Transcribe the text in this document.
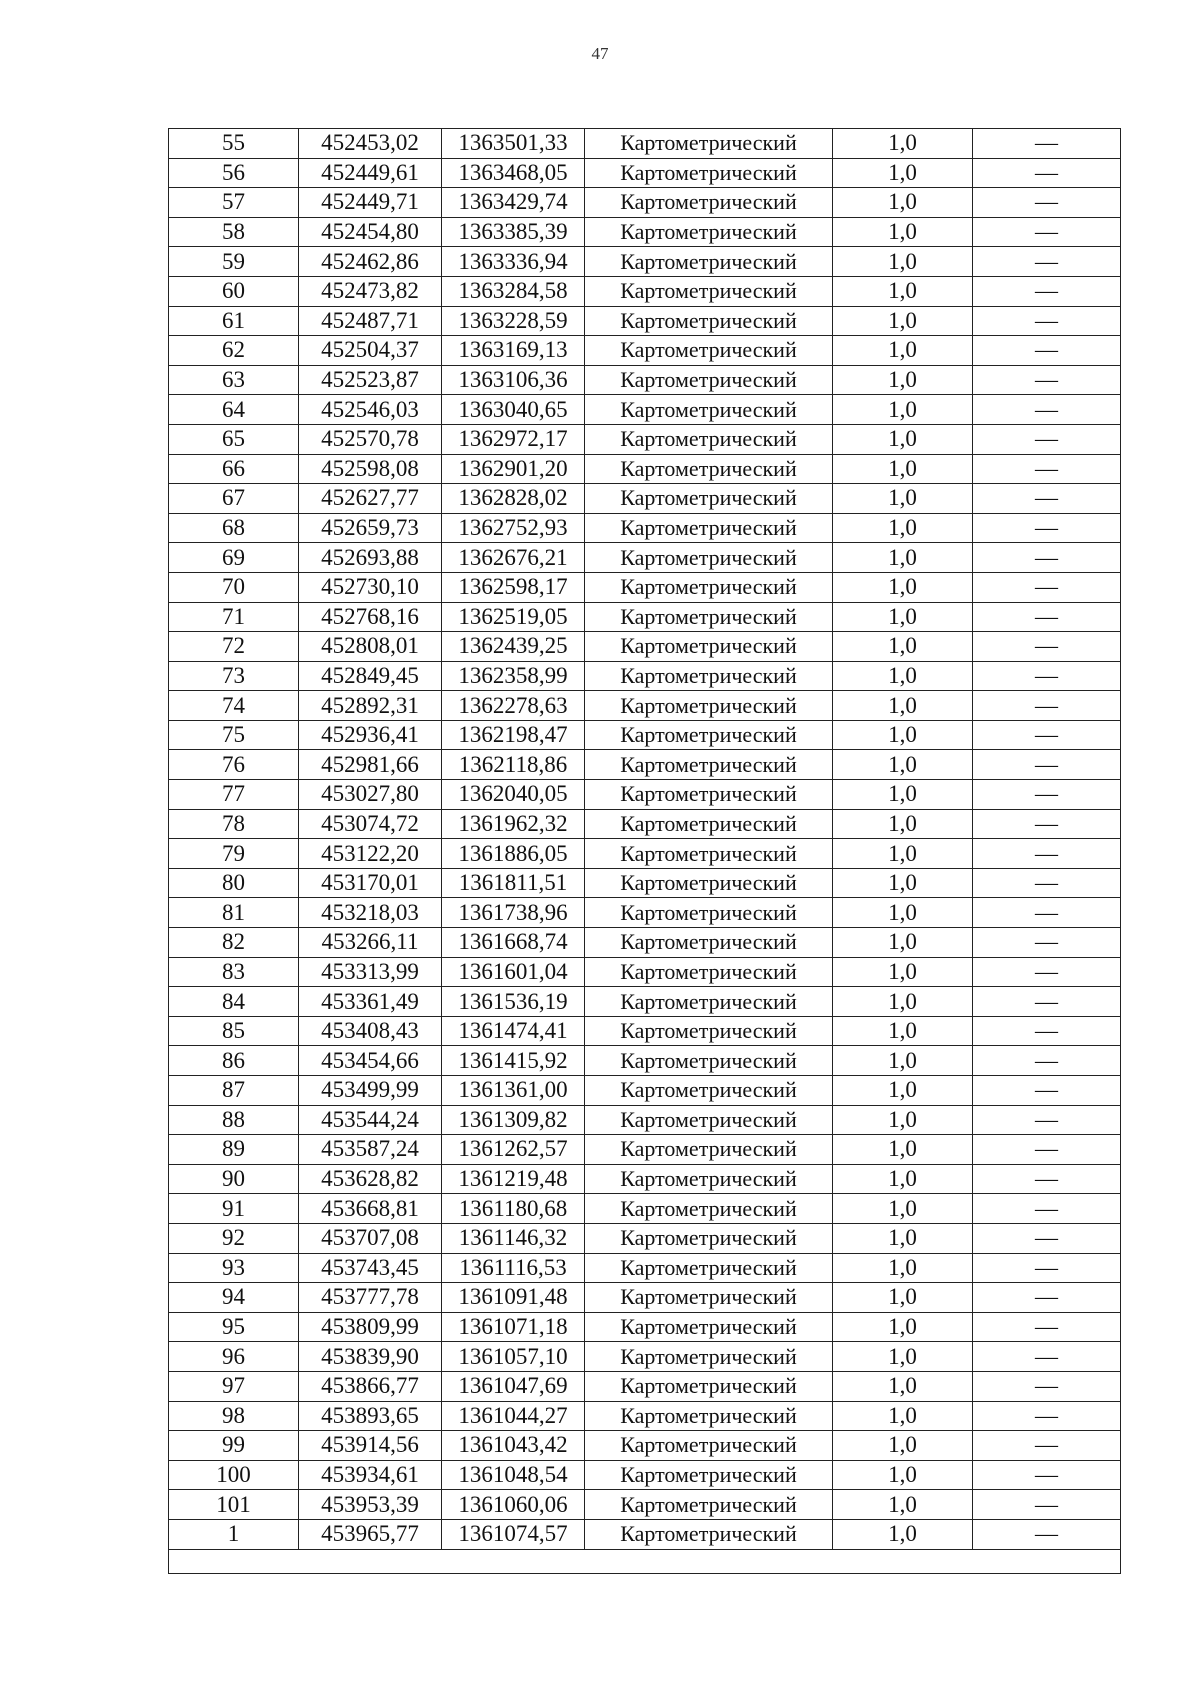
47

55	452453,02	1363501,33	Картометрический	1,0	—
56	452449,61	1363468,05	Картометрический	1,0	—
57	452449,71	1363429,74	Картометрический	1,0	—
58	452454,80	1363385,39	Картометрический	1,0	—
59	452462,86	1363336,94	Картометрический	1,0	—
60	452473,82	1363284,58	Картометрический	1,0	—
61	452487,71	1363228,59	Картометрический	1,0	—
62	452504,37	1363169,13	Картометрический	1,0	—
63	452523,87	1363106,36	Картометрический	1,0	—
64	452546,03	1363040,65	Картометрический	1,0	—
65	452570,78	1362972,17	Картометрический	1,0	—
66	452598,08	1362901,20	Картометрический	1,0	—
67	452627,77	1362828,02	Картометрический	1,0	—
68	452659,73	1362752,93	Картометрический	1,0	—
69	452693,88	1362676,21	Картометрический	1,0	—
70	452730,10	1362598,17	Картометрический	1,0	—
71	452768,16	1362519,05	Картометрический	1,0	—
72	452808,01	1362439,25	Картометрический	1,0	—
73	452849,45	1362358,99	Картометрический	1,0	—
74	452892,31	1362278,63	Картометрический	1,0	—
75	452936,41	1362198,47	Картометрический	1,0	—
76	452981,66	1362118,86	Картометрический	1,0	—
77	453027,80	1362040,05	Картометрический	1,0	—
78	453074,72	1361962,32	Картометрический	1,0	—
79	453122,20	1361886,05	Картометрический	1,0	—
80	453170,01	1361811,51	Картометрический	1,0	—
81	453218,03	1361738,96	Картометрический	1,0	—
82	453266,11	1361668,74	Картометрический	1,0	—
83	453313,99	1361601,04	Картометрический	1,0	—
84	453361,49	1361536,19	Картометрический	1,0	—
85	453408,43	1361474,41	Картометрический	1,0	—
86	453454,66	1361415,92	Картометрический	1,0	—
87	453499,99	1361361,00	Картометрический	1,0	—
88	453544,24	1361309,82	Картометрический	1,0	—
89	453587,24	1361262,57	Картометрический	1,0	—
90	453628,82	1361219,48	Картометрический	1,0	—
91	453668,81	1361180,68	Картометрический	1,0	—
92	453707,08	1361146,32	Картометрический	1,0	—
93	453743,45	1361116,53	Картометрический	1,0	—
94	453777,78	1361091,48	Картометрический	1,0	—
95	453809,99	1361071,18	Картометрический	1,0	—
96	453839,90	1361057,10	Картометрический	1,0	—
97	453866,77	1361047,69	Картометрический	1,0	—
98	453893,65	1361044,27	Картометрический	1,0	—
99	453914,56	1361043,42	Картометрический	1,0	—
100	453934,61	1361048,54	Картометрический	1,0	—
101	453953,39	1361060,06	Картометрический	1,0	—
1	453965,77	1361074,57	Картометрический	1,0	—
